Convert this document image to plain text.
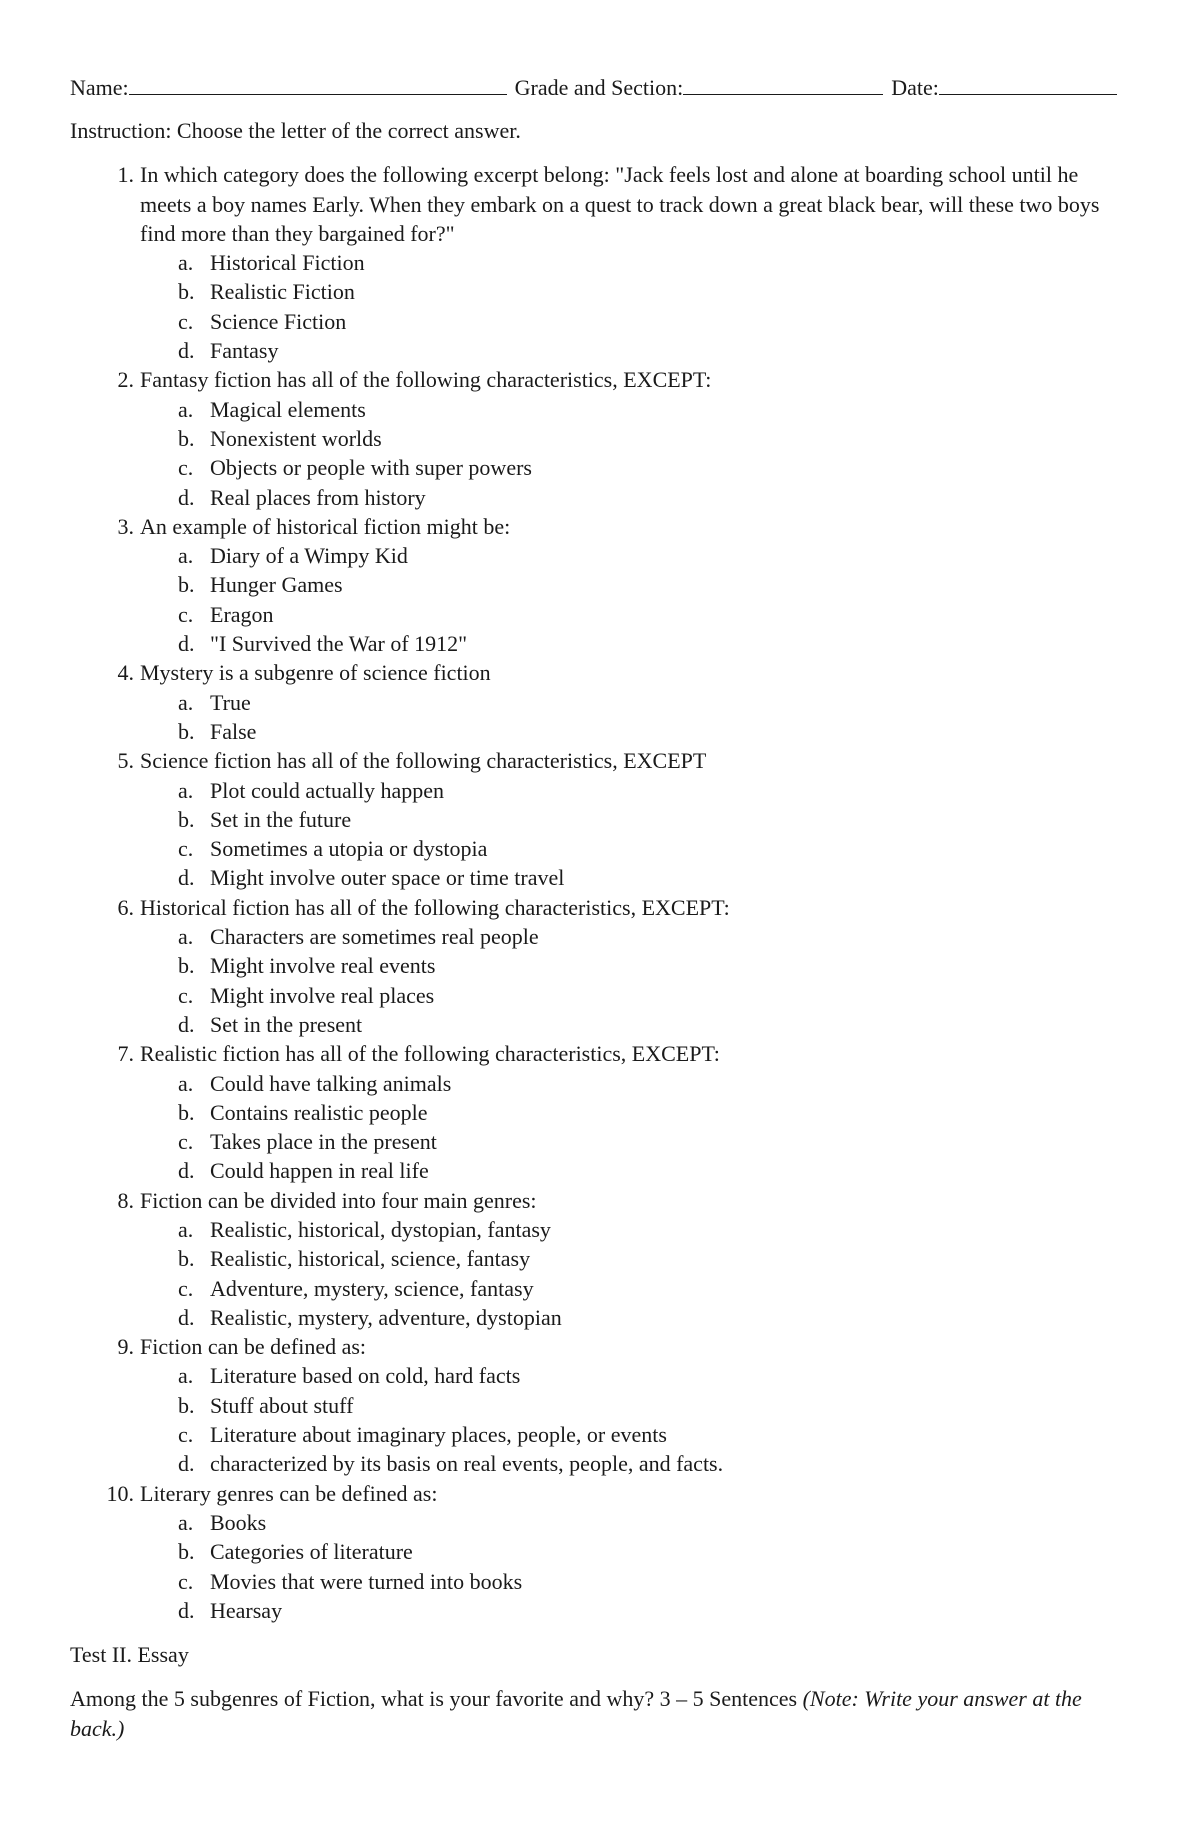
Name:	Grade and Section:	Date:
Instruction: Choose the letter of the correct answer.
1. In which category does the following excerpt belong: "Jack feels lost and alone at boarding school until he meets a boy names Early. When they embark on a quest to track down a great black bear, will these two boys find more than they bargained for?"
a. Historical Fiction
b. Realistic Fiction
c. Science Fiction
d. Fantasy
2. Fantasy fiction has all of the following characteristics, EXCEPT:
a. Magical elements
b. Nonexistent worlds
c. Objects or people with super powers
d. Real places from history
3. An example of historical fiction might be:
a. Diary of a Wimpy Kid
b. Hunger Games
c. Eragon
d. "I Survived the War of 1912"
4. Mystery is a subgenre of science fiction
a. True
b. False
5. Science fiction has all of the following characteristics, EXCEPT
a. Plot could actually happen
b. Set in the future
c. Sometimes a utopia or dystopia
d. Might involve outer space or time travel
6. Historical fiction has all of the following characteristics, EXCEPT:
a. Characters are sometimes real people
b. Might involve real events
c. Might involve real places
d. Set in the present
7. Realistic fiction has all of the following characteristics, EXCEPT:
a. Could have talking animals
b. Contains realistic people
c. Takes place in the present
d. Could happen in real life
8. Fiction can be divided into four main genres:
a. Realistic, historical, dystopian, fantasy
b. Realistic, historical, science, fantasy
c. Adventure, mystery, science, fantasy
d. Realistic, mystery, adventure, dystopian
9. Fiction can be defined as:
a. Literature based on cold, hard facts
b. Stuff about stuff
c. Literature about imaginary places, people, or events
d. characterized by its basis on real events, people, and facts.
10. Literary genres can be defined as:
a. Books
b. Categories of literature
c. Movies that were turned into books
d. Hearsay
Test II. Essay
Among the 5 subgenres of Fiction, what is your favorite and why? 3 – 5 Sentences (Note: Write your answer at the back.)
